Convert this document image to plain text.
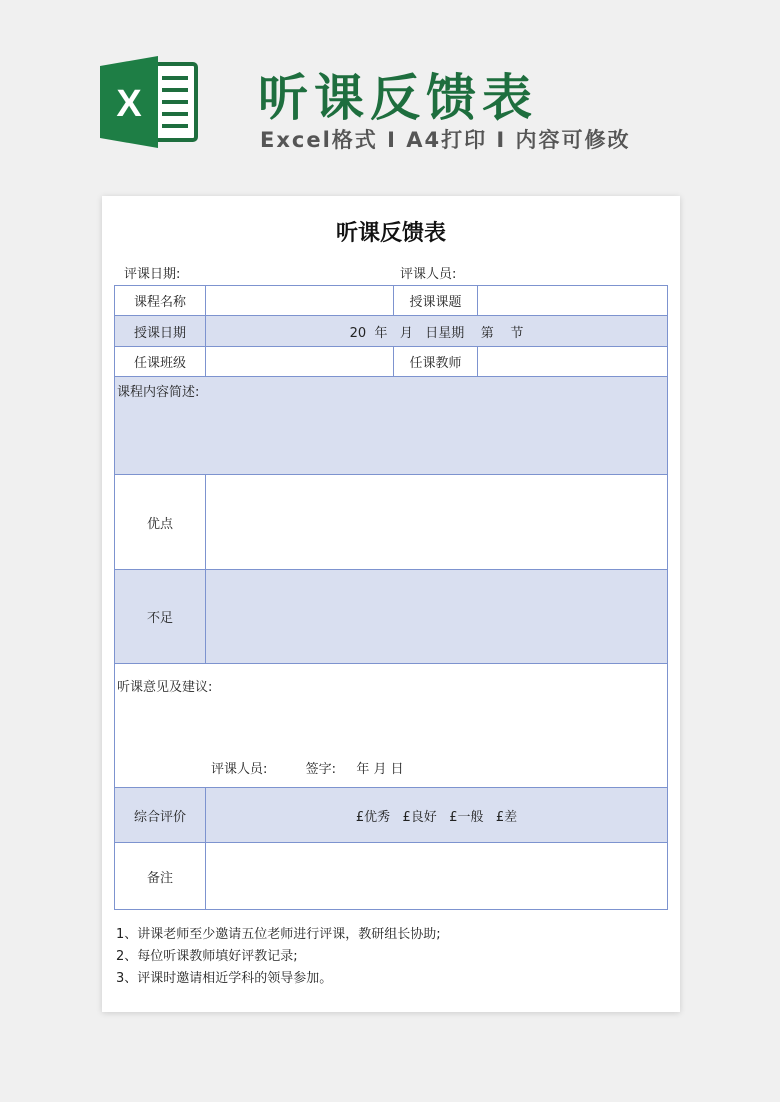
X 听课反馈表
Excel格式 I A4打印 I 内容可修改
听课反馈表
评课日期:	评课人员:
课程名称		授课课题	
授课日期	20  年   月   日星期    第    节		
任课班级		任课教师	
课程内容简述:			
优点			
不足			

听课意见及建议:
评课人员: 签字: 年 月 日			

综合评价	£优秀   £良好   £一般   £差		
备注			
1、讲课老师至少邀请五位老师进行评课，教研组长协助;
2、每位听课教师填好评教记录;
3、评课时邀请相近学科的领导参加。
